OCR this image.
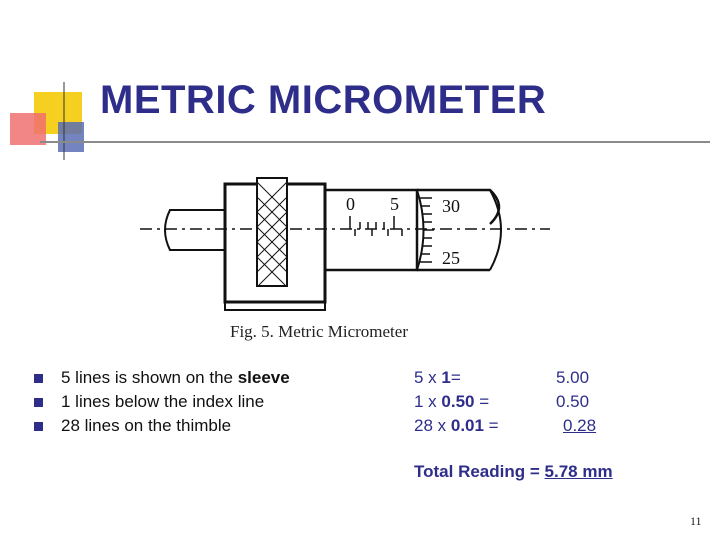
METRIC MICROMETER
0 5 30
25
Fig. 5. Metric Micrometer
5 lines is shown on the sleeve
1 lines below the index line
28 lines on the thimble
5 x 1=	5.00
1 x 0.50 =	0.50
28 x 0.01 =	0.28
Total Reading = 5.78 mm
11
